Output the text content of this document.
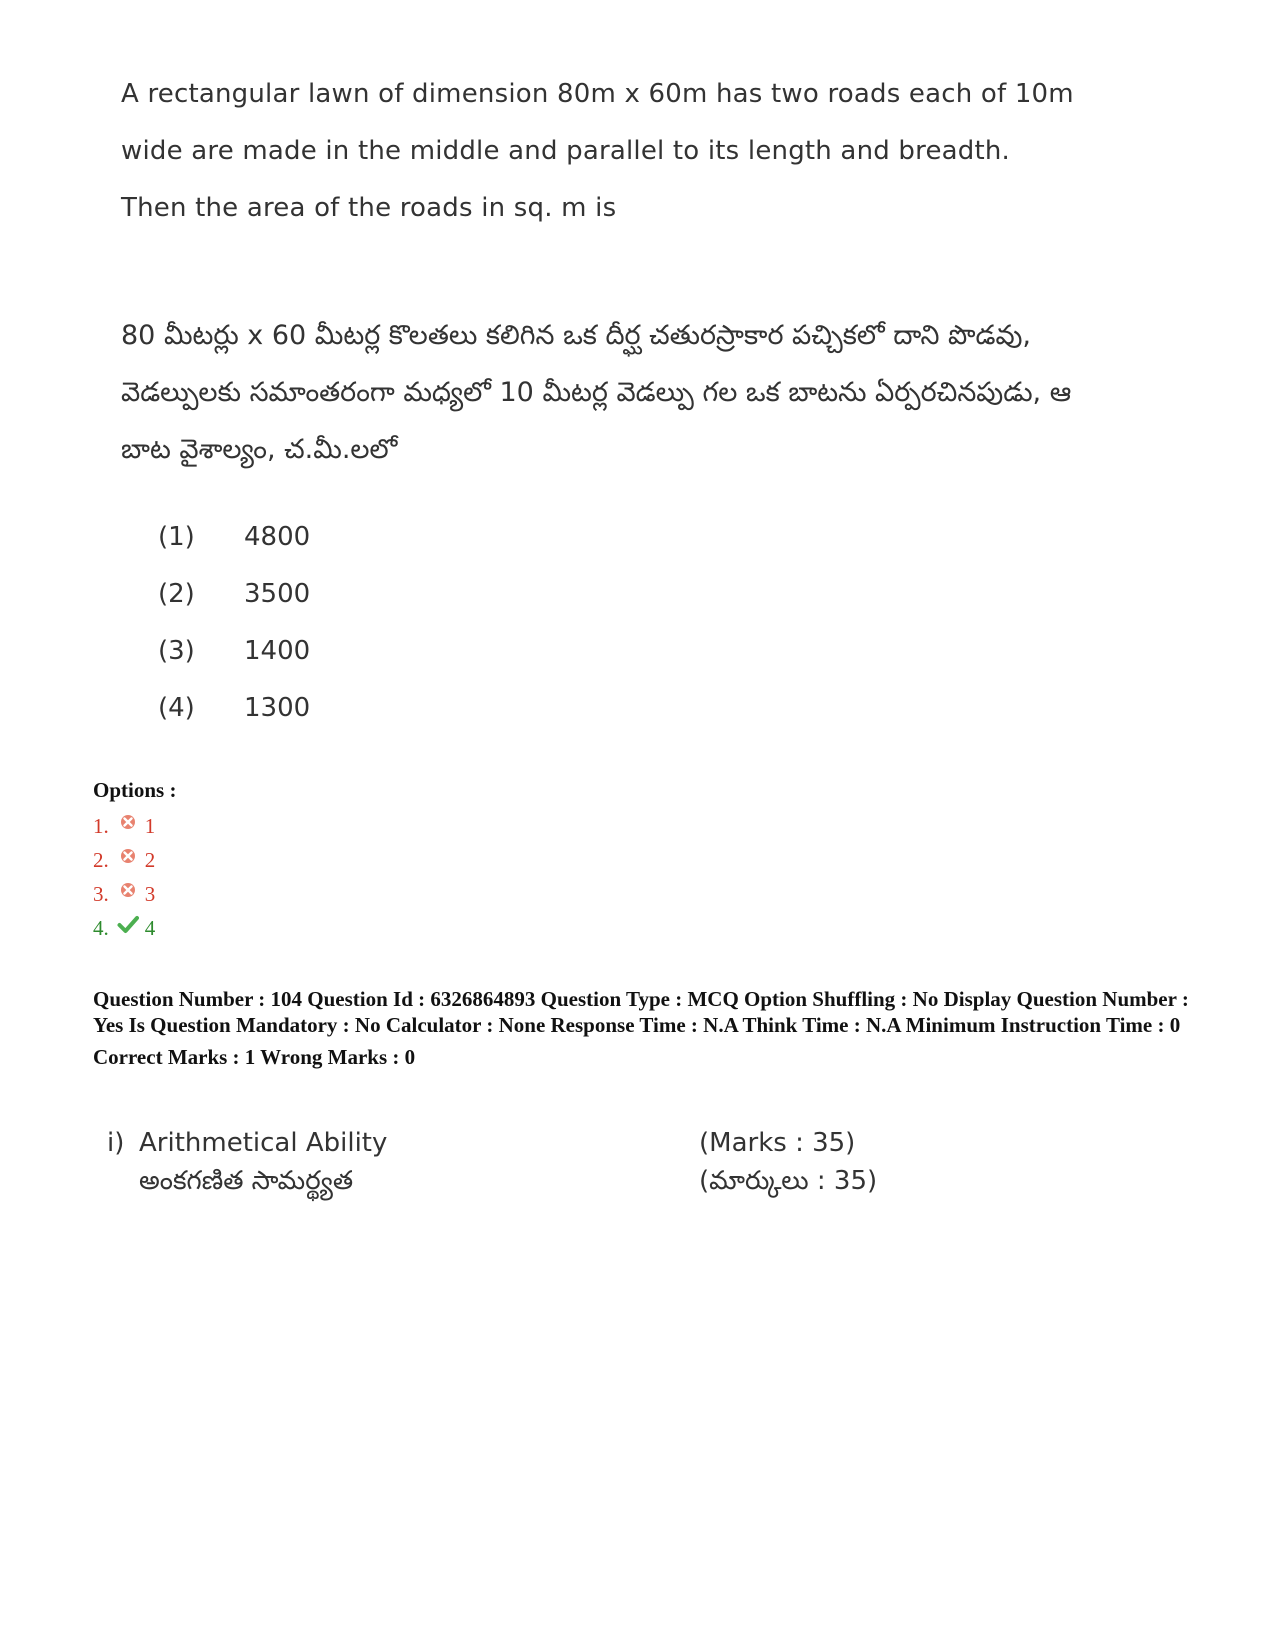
A rectangular lawn of dimension 80m x 60m has two roads each of 10m wide are made in the middle and parallel to its length and breadth. Then the area of the roads in sq. m is

80 మీటర్లు x 60 మీటర్ల కొలతలు కలిగిన ఒక దీర్ఘ చతురస్రాకార పచ్చికలో దాని పొడవు, వెడల్పులకు సమాంతరంగా మధ్యలో 10 మీటర్ల వెడల్పు గల ఒక బాటను ఏర్పరచినపుడు, ఆ బాట వైశాల్యం, చ.మీ.లలో

(1)	4800
(2)	3500
(3)	1400
(4)	1300
Options :
1. 1
2. 2
3. 3
4. 4

Question Number : 104 Question Id : 6326864893 Question Type : MCQ Option Shuffling : No Display Question Number : Yes Is Question Mandatory : No Calculator : None Response Time : N.A Think Time : N.A Minimum Instruction Time : 0

Correct Marks : 1 Wrong Marks : 0

i) Arithmetical Ability	(Marks : 35)
అంకగణిత సామర్థ్యత	(మార్కులు : 35)
